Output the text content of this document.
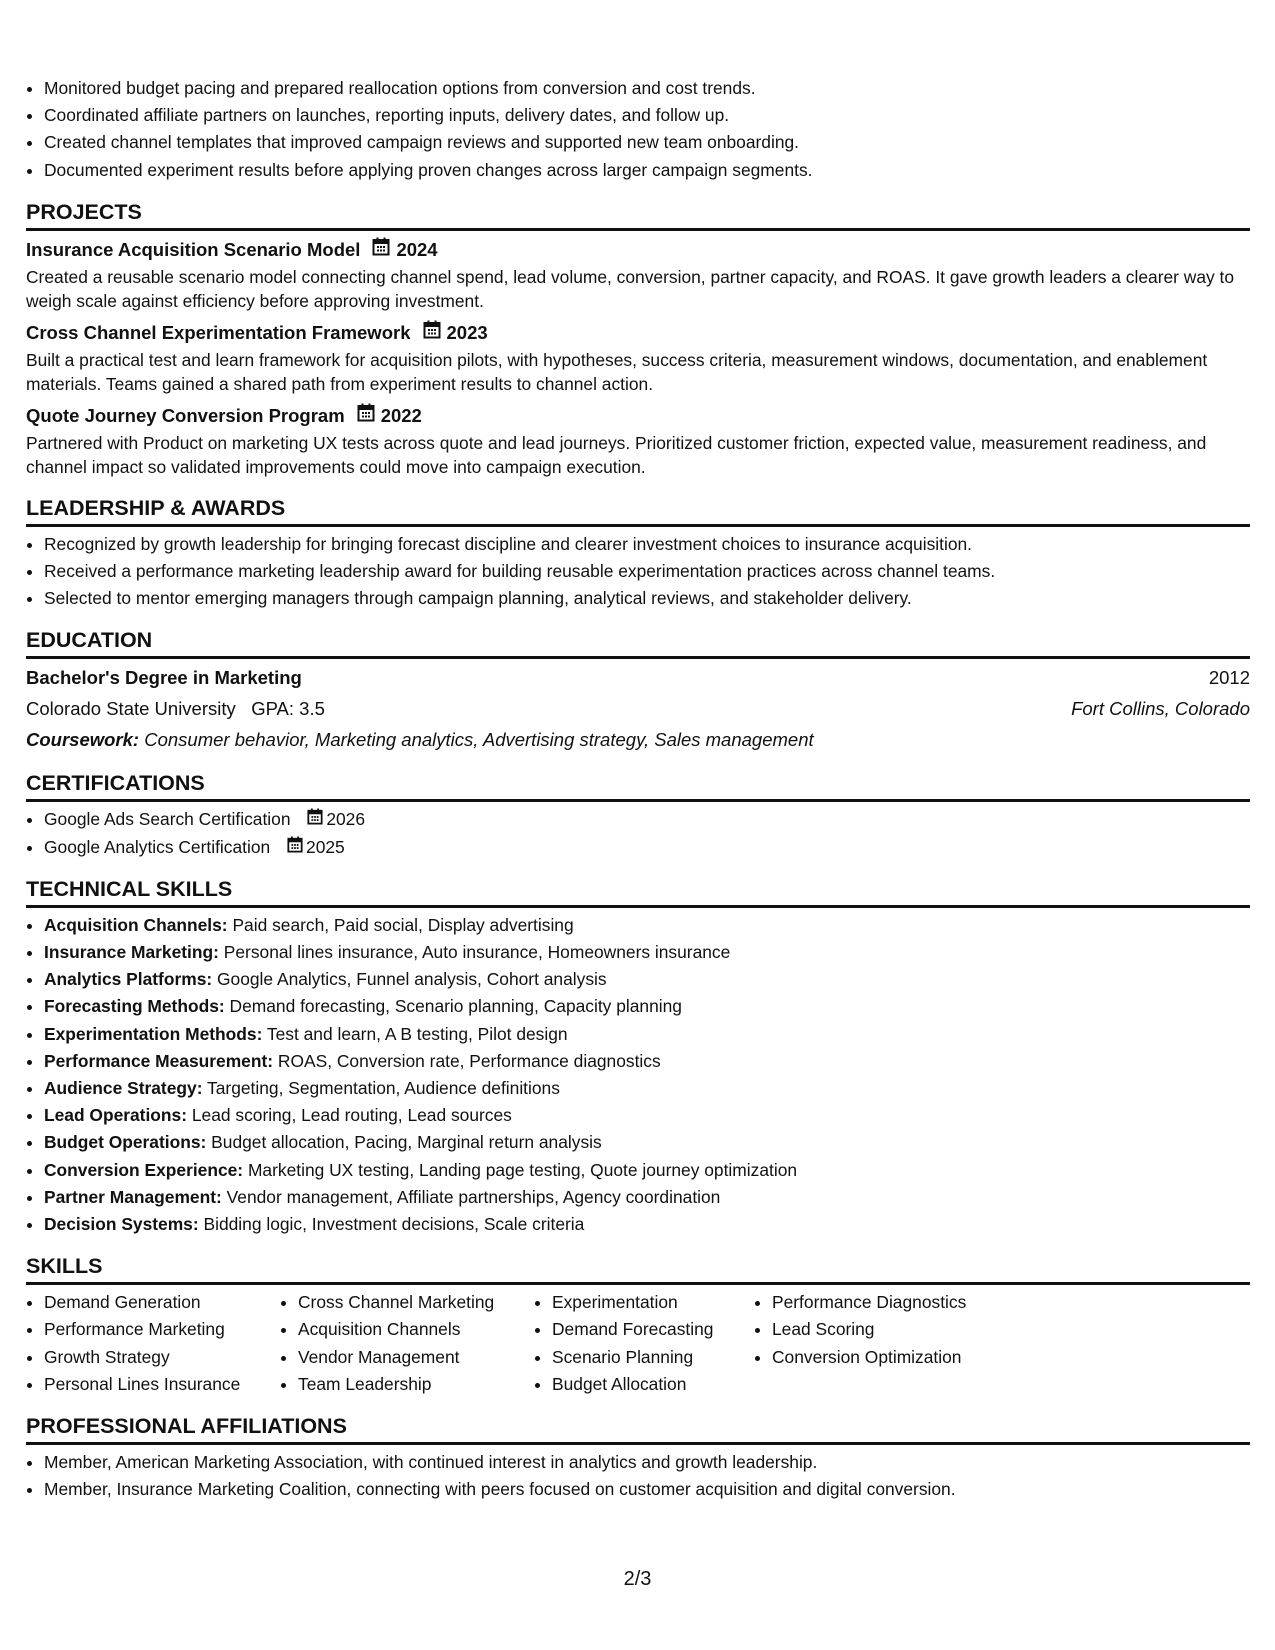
• Monitored budget pacing and prepared reallocation options from conversion and cost trends.
• Coordinated affiliate partners on launches, reporting inputs, delivery dates, and follow up.
• Created channel templates that improved campaign reviews and supported new team onboarding.
• Documented experiment results before applying proven changes across larger campaign segments.
PROJECTS
Insurance Acquisition Scenario Model 2024
Created a reusable scenario model connecting channel spend, lead volume, conversion, partner capacity, and ROAS. It gave growth leaders a clearer way to weigh scale against efficiency before approving investment.
Cross Channel Experimentation Framework 2023
Built a practical test and learn framework for acquisition pilots, with hypotheses, success criteria, measurement windows, documentation, and enablement materials. Teams gained a shared path from experiment results to channel action.
Quote Journey Conversion Program 2022
Partnered with Product on marketing UX tests across quote and lead journeys. Prioritized customer friction, expected value, measurement readiness, and channel impact so validated improvements could move into campaign execution.
LEADERSHIP & AWARDS
• Recognized by growth leadership for bringing forecast discipline and clearer investment choices to insurance acquisition.
• Received a performance marketing leadership award for building reusable experimentation practices across channel teams.
• Selected to mentor emerging managers through campaign planning, analytical reviews, and stakeholder delivery.
EDUCATION
Bachelor's Degree in Marketing	2012
Colorado State University GPA: 3.5	Fort Collins, Colorado
Coursework: Consumer behavior, Marketing analytics, Advertising strategy, Sales management
CERTIFICATIONS
• Google Ads Search Certification 2026
• Google Analytics Certification 2025
TECHNICAL SKILLS
• Acquisition Channels: Paid search, Paid social, Display advertising
• Insurance Marketing: Personal lines insurance, Auto insurance, Homeowners insurance
• Analytics Platforms: Google Analytics, Funnel analysis, Cohort analysis
• Forecasting Methods: Demand forecasting, Scenario planning, Capacity planning
• Experimentation Methods: Test and learn, A B testing, Pilot design
• Performance Measurement: ROAS, Conversion rate, Performance diagnostics
• Audience Strategy: Targeting, Segmentation, Audience definitions
• Lead Operations: Lead scoring, Lead routing, Lead sources
• Budget Operations: Budget allocation, Pacing, Marginal return analysis
• Conversion Experience: Marketing UX testing, Landing page testing, Quote journey optimization
• Partner Management: Vendor management, Affiliate partnerships, Agency coordination
• Decision Systems: Bidding logic, Investment decisions, Scale criteria
SKILLS
• Demand Generation
• Performance Marketing
• Growth Strategy
• Personal Lines Insurance
• Cross Channel Marketing
• Acquisition Channels
• Vendor Management
• Team Leadership
• Experimentation
• Demand Forecasting
• Scenario Planning
• Budget Allocation
• Performance Diagnostics
• Lead Scoring
• Conversion Optimization
PROFESSIONAL AFFILIATIONS
• Member, American Marketing Association, with continued interest in analytics and growth leadership.
• Member, Insurance Marketing Coalition, connecting with peers focused on customer acquisition and digital conversion.
2/3
